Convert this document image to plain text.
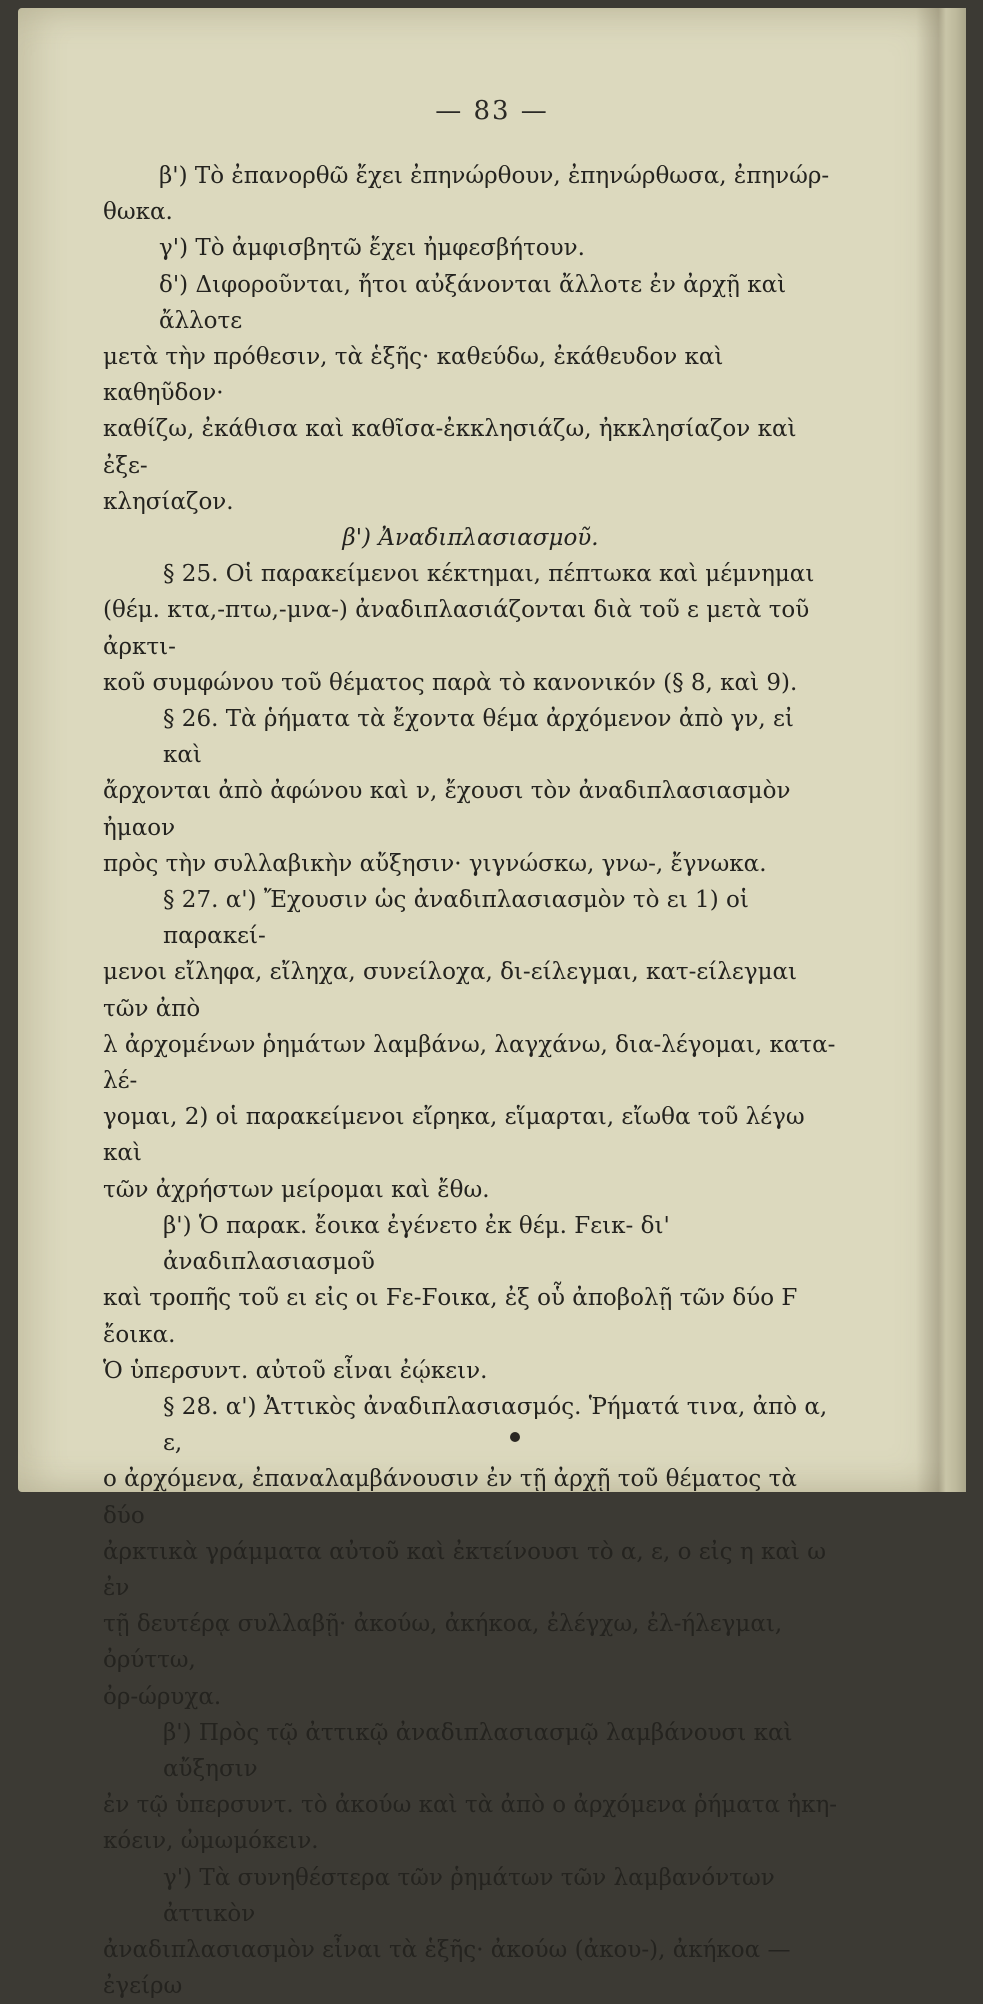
— 83 —

β') Τὸ ἐπανορθῶ ἔχει ἐπηνώρθουν, ἐπηνώρθωσα, ἐπηνώρ-

θωκα.

γ') Τὸ ἀμφισβητῶ ἔχει ἠμφεσβήτουν.

δ') Διφοροῦνται, ἤτοι αὐξάνονται ἄλλοτε ἐν ἀρχῇ καὶ ἄλλοτε

μετὰ τὴν πρόθεσιν, τὰ ἑξῆς· καθεύδω, ἐκάθευδον καὶ καθηῦδον·

καθίζω, ἐκάθισα καὶ καθῖσα-ἐκκλησιάζω, ἠκκλησίαζον καὶ ἐξε-

κλησίαζον.

β') Ἀναδιπλασιασμοῦ.

§ 25. Οἱ παρακείμενοι κέκτημαι, πέπτωκα καὶ μέμνημαι

(θέμ. κτα,-πτω,-μνα-) ἀναδιπλασιάζονται διὰ τοῦ ε μετὰ τοῦ ἀρκτι-

κοῦ συμφώνου τοῦ θέματος παρὰ τὸ κανονικόν (§ 8, καὶ 9).

§ 26. Τὰ ῥήματα τὰ ἔχοντα θέμα ἀρχόμενον ἀπὸ γν, εἰ καὶ

ἄρχονται ἀπὸ ἀφώνου καὶ ν, ἔχουσι τὸν ἀναδιπλασιασμὸν ἠμαον

πρὸς τὴν συλλαβικὴν αὔξησιν· γιγνώσκω, γνω-, ἔγνωκα.

§ 27. α') Ἔχουσιν ὡς ἀναδιπλασιασμὸν τὸ ει 1) οἱ παρακεί-

μενοι εἴληφα, εἴληχα, συνείλοχα, δι-είλεγμαι, κατ-είλεγμαι τῶν ἀπὸ

λ ἀρχομένων ῥημάτων λαμβάνω, λαγχάνω, δια-λέγομαι, κατα-λέ-

γομαι, 2) οἱ παρακείμενοι εἴρηκα, εἵμαρται, εἴωθα τοῦ λέγω καὶ

τῶν ἀχρήστων μείρομαι καὶ ἔθω.

β') Ὁ παρακ. ἔοικα ἐγένετο ἐκ θέμ. Ϝεικ- δι' ἀναδιπλασιασμοῦ

καὶ τροπῆς τοῦ ει εἰς οι Ϝε-Ϝοικα, ἐξ οὗ ἀποβολῇ τῶν δύο Ϝ ἔοικα.

Ὁ ὑπερσυντ. αὐτοῦ εἶναι ἐῴκειν.

§ 28. α') Ἀττικὸς ἀναδιπλασιασμός. Ῥήματά τινα, ἀπὸ α, ε,

ο ἀρχόμενα, ἐπαναλαμβάνουσιν ἐν τῇ ἀρχῇ τοῦ θέματος τὰ δύο

ἀρκτικὰ γράμματα αὐτοῦ καὶ ἐκτείνουσι τὸ α, ε, ο εἰς η καὶ ω ἐν

τῇ δευτέρᾳ συλλαβῇ· ἀκούω, ἀκήκοα, ἐλέγχω, ἐλ-ήλεγμαι, ὀρύττω,

ὀρ-ώρυχα.

β') Πρὸς τῷ ἀττικῷ ἀναδιπλασιασμῷ λαμβάνουσι καὶ αὔξησιν

ἐν τῷ ὑπερσυντ. τὸ ἀκούω καὶ τὰ ἀπὸ ο ἀρχόμενα ῥήματα ἠκη-

κόειν, ὠμωμόκειν.

γ') Τὰ συνηθέστερα τῶν ῥημάτων τῶν λαμβανόντων ἀττικὸν

ἀναδιπλασιασμὸν εἶναι τὰ ἑξῆς· ἀκούω (ἀκου-), ἀκήκοα — ἐγείρω
